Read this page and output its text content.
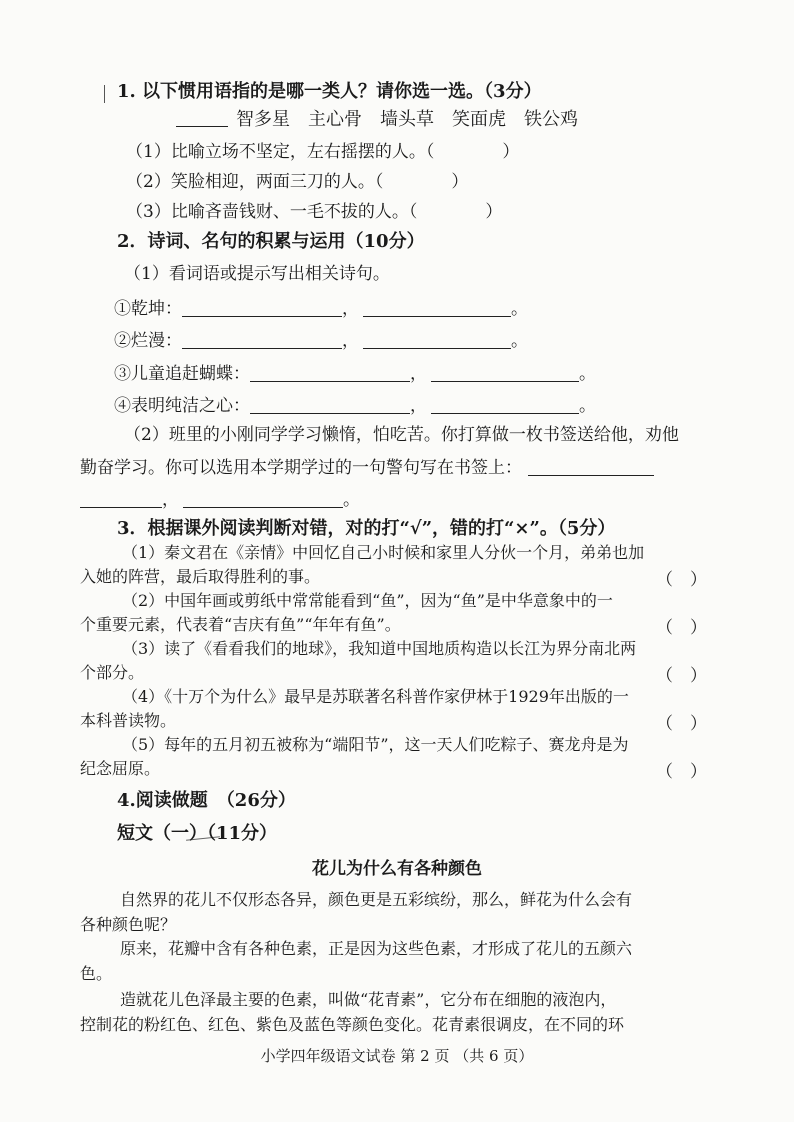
1. 以下惯用语指的是哪一类人？请你选一选。（3分）
智多星　主心骨　墙头草　笑面虎　铁公鸡
（1）比喻立场不坚定，左右摇摆的人。（　　　　）
（2）笑脸相迎，两面三刀的人。（　　　　）
（3）比喻吝啬钱财、一毛不拔的人。（　　　　）
2．诗词、名句的积累与运用（10分）
（1）看词语或提示写出相关诗句。
①乾坤：	，	。
②烂漫：	，	。
③儿童追赶蝴蝶：	，	。
④表明纯洁之心：	，	。
（2）班里的小刚同学学习懒惰，怕吃苦。你打算做一枚书签送给他，劝他
勤奋学习。你可以选用本学期学过的一句警句写在书签上：
，	。
3．根据课外阅读判断对错，对的打“√”，错的打“×”。（5分）
（1）秦文君在《亲情》中回忆自己小时候和家里人分伙一个月，弟弟也加
入她的阵营，最后取得胜利的事。	（　）
（2）中国年画或剪纸中常常能看到“鱼”，因为“鱼”是中华意象中的一
个重要元素，代表着“吉庆有鱼”“年年有鱼”。	（　）
（3）读了《看看我们的地球》，我知道中国地质构造以长江为界分南北两
个部分。	（　）
（4）《十万个为什么》最早是苏联著名科普作家伊林于1929年出版的一
本科普读物。	（　）
（5）每年的五月初五被称为“端阳节”，这一天人们吃粽子、赛龙舟是为
纪念屈原。	（　）
4.阅读做题　（26分）
短文（一）（11分）
花儿为什么有各种颜色
自然界的花儿不仅形态各异，颜色更是五彩缤纷，那么，鲜花为什么会有
各种颜色呢？
原来，花瓣中含有各种色素，正是因为这些色素，才形成了花儿的五颜六
色。
造就花儿色泽最主要的色素，叫做“花青素”，它分布在细胞的液泡内，
控制花的粉红色、红色、紫色及蓝色等颜色变化。花青素很调皮，在不同的环
小学四年级语文试卷 第 2 页 （共 6 页）
